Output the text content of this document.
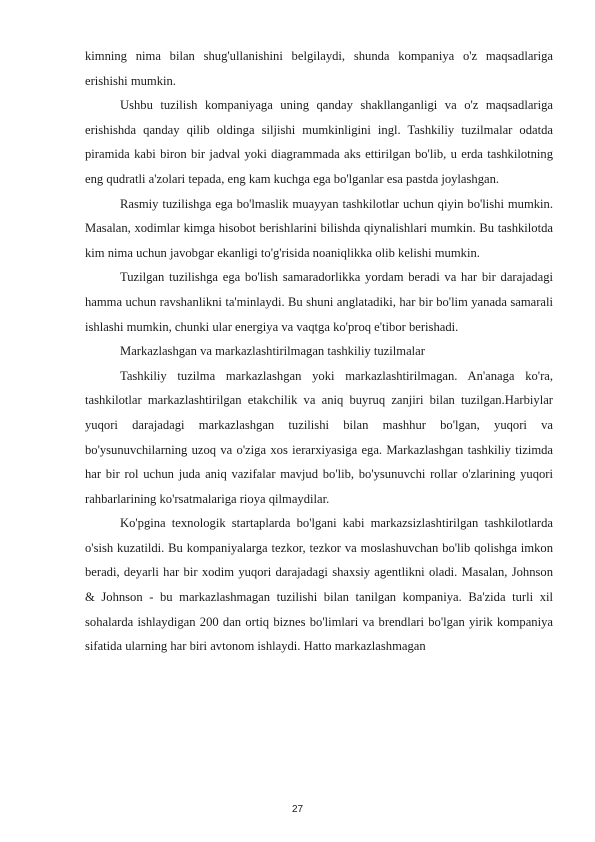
kimning nima bilan shug'ullanishini belgilaydi, shunda kompaniya o'z maqsadlariga erishishi mumkin.

Ushbu tuzilish kompaniyaga uning qanday shakllanganligi va o'z maqsadlariga erishishda qanday qilib oldinga siljishi mumkinligini ingl. Tashkiliy tuzilmalar odatda piramida kabi biron bir jadval yoki diagrammada aks ettirilgan bo'lib, u erda tashkilotning eng qudratli a'zolari tepada, eng kam kuchga ega bo'lganlar esa pastda joylashgan.

Rasmiy tuzilishga ega bo'lmaslik muayyan tashkilotlar uchun qiyin bo'lishi mumkin. Masalan, xodimlar kimga hisobot berishlarini bilishda qiynalishlari mumkin. Bu tashkilotda kim nima uchun javobgar ekanligi to'g'risida noaniqlikka olib kelishi mumkin.

Tuzilgan tuzilishga ega bo'lish samaradorlikka yordam beradi va har bir darajadagi hamma uchun ravshanlikni ta'minlaydi. Bu shuni anglatadiki, har bir bo'lim yanada samarali ishlashi mumkin, chunki ular energiya va vaqtga ko'proq e'tibor berishadi.

Markazlashgan va markazlashtirilmagan tashkiliy tuzilmalar

Tashkiliy tuzilma markazlashgan yoki markazlashtirilmagan. An'anaga ko'ra, tashkilotlar markazlashtirilgan etakchilik va aniq buyruq zanjiri bilan tuzilgan.Harbiylar yuqori darajadagi markazlashgan tuzilishi bilan mashhur bo'lgan, yuqori va bo'ysunuvchilarning uzoq va o'ziga xos ierarxiyasiga ega. Markazlashgan tashkiliy tizimda har bir rol uchun juda aniq vazifalar mavjud bo'lib, bo'ysunuvchi rollar o'zlarining yuqori rahbarlarining ko'rsatmalariga rioya qilmaydilar.

Ko'pgina texnologik startaplarda bo'lgani kabi markazsizlashtirilgan tashkilotlarda o'sish kuzatildi. Bu kompaniyalarga tezkor, tezkor va moslashuvchan bo'lib qolishga imkon beradi, deyarli har bir xodim yuqori darajadagi shaxsiy agentlikni oladi. Masalan, Johnson & Johnson - bu markazlashmagan tuzilishi bilan tanilgan kompaniya. Ba'zida turli xil sohalarda ishlaydigan 200 dan ortiq biznes bo'limlari va brendlari bo'lgan yirik kompaniya sifatida ularning har biri avtonom ishlaydi. Hatto markazlashmagan

27
